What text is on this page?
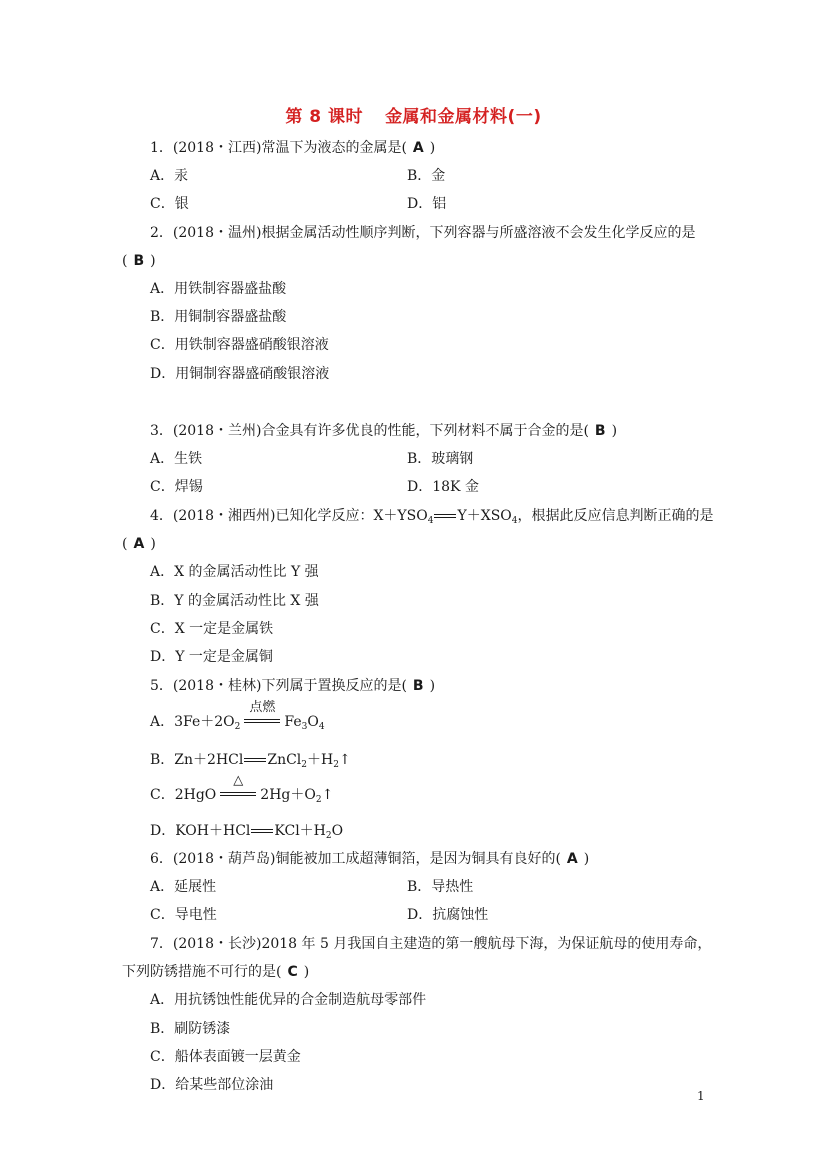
第 8 课时 金属和金属材料(一)
1．(2018・江西)常温下为液态的金属是( A )
A．汞	B．金
C．银	D．铝
2．(2018・温州)根据金属活动性顺序判断，下列容器与所盛溶液不会发生化学反应的是
( B )
A．用铁制容器盛盐酸
B．用铜制容器盛盐酸
C．用铁制容器盛硝酸银溶液
D．用铜制容器盛硝酸银溶液
3．(2018・兰州)合金具有许多优良的性能，下列材料不属于合金的是( B )
A．生铁	B．玻璃钢
C．焊锡	D．18K 金
4．(2018・湘西州)已知化学反应：$X+YSO_4$ $Y+XSO_4$，根据此反应信息判断正确的是
( A )
A．X 的金属活动性比 Y 强
B．Y 的金属活动性比 X 强
C．X 一定是金属铁
D．Y 一定是金属铜
5．(2018・桂林)下列属于置换反应的是( B )
A．$3Fe+2O_2$
点燃
$Fe_3O_4$
B．Zn＋2HCl $ZnCl_2+H_2↑$
C．2HgO
△
$2Hg+O_2↑$
D．KOH＋HCl $KCl+H_2O$
6．(2018・葫芦岛)铜能被加工成超薄铜箔，是因为铜具有良好的( A )
A．延展性	B．导热性
C．导电性	D．抗腐蚀性
7．(2018・长沙)2018 年 5 月我国自主建造的第一艘航母下海，为保证航母的使用寿命，
下列防锈措施不可行的是( C )
A．用抗锈蚀性能优异的合金制造航母零部件
B．刷防锈漆
C．船体表面镀一层黄金
D．给某些部位涂油
1
